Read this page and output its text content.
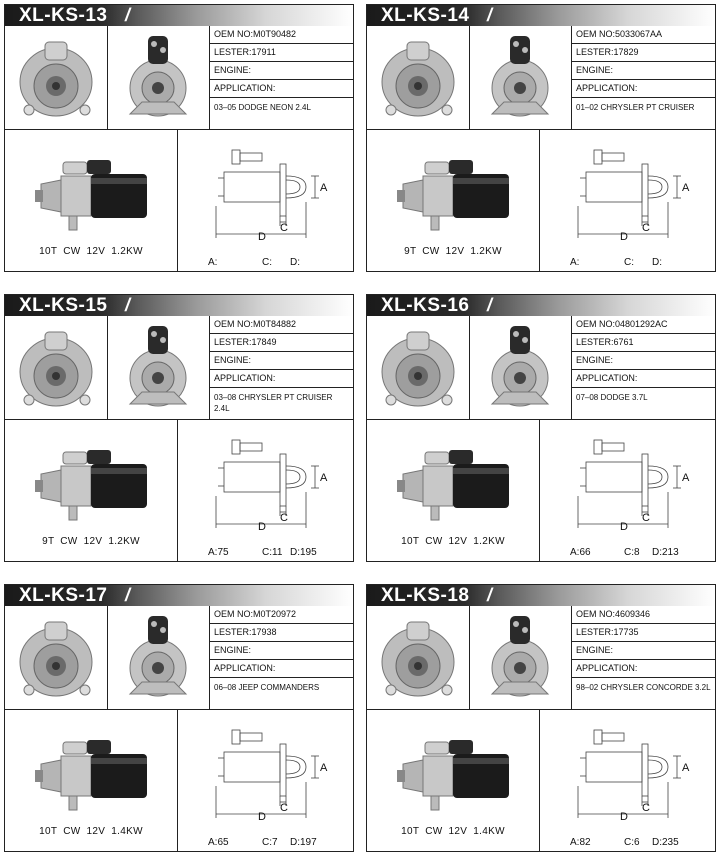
XL-KS-13 /
OEM NO:M0T90482
LESTER:17911
ENGINE:
APPLICATION:
03–05 DODGE NEON 2.4L
10T CW 12V 1.2KW
A
C
D
A:	C: D:
XL-KS-14 /
OEM NO:5033067AA
LESTER:17829
ENGINE:
APPLICATION:
01–02 CHRYSLER PT CRUISER
9T CW 12V 1.2KW
A
C
D
A:	C: D:
XL-KS-15 /
OEM NO:M0T84882
LESTER:17849
ENGINE:
APPLICATION:
03–08 CHRYSLER PT CRUISER 2.4L
9T CW 12V 1.2KW
A
C
D
A:75	C:11 D:195
XL-KS-16 /
OEM NO:04801292AC
LESTER:6761
ENGINE:
APPLICATION:
07–08 DODGE 3.7L
10T CW 12V 1.2KW
A
C
D
A:66	C:8 D:213
XL-KS-17 /
OEM NO:M0T20972
LESTER:17938
ENGINE:
APPLICATION:
06–08 JEEP COMMANDERS
10T CW 12V 1.4KW
A
C
D
A:65	C:7 D:197
XL-KS-18 /
OEM NO:4609346
LESTER:17735
ENGINE:
APPLICATION:
98–02 CHRYSLER CONCORDE 3.2L
10T CW 12V 1.4KW
A
C
D
A:82	C:6 D:235
